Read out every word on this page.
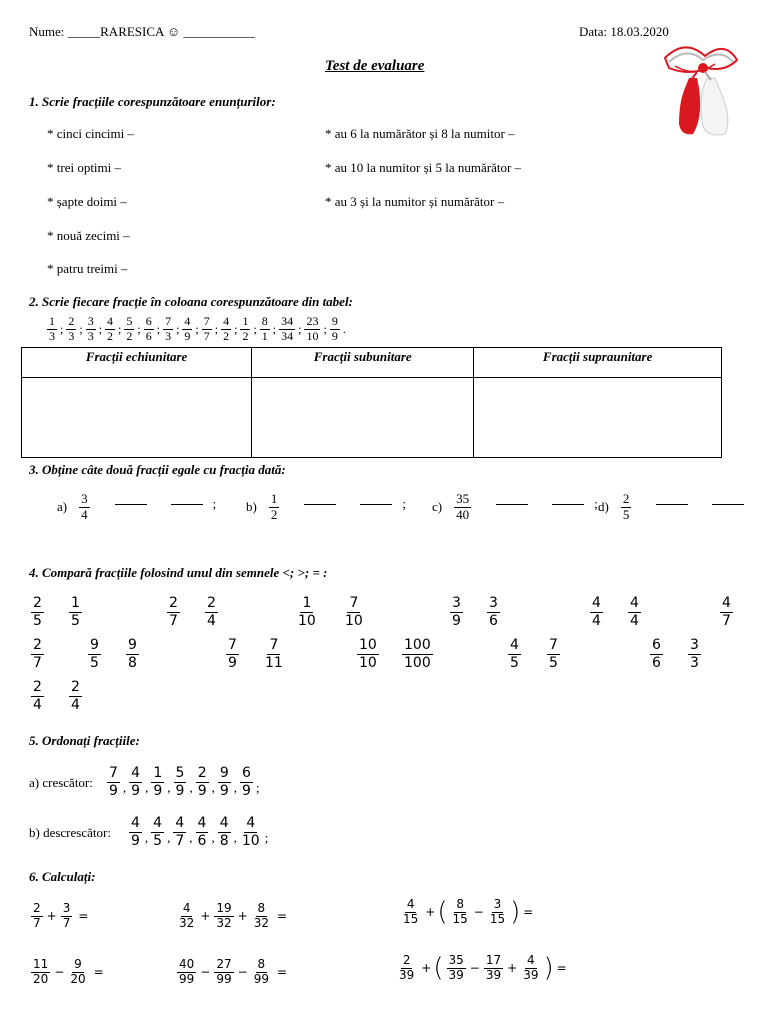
Nume: _____RARESICA ☺ ___________	Data: 18.03.2020
Test de evaluare
1. Scrie fracțiile corespunzătoare enunțurilor:
* cinci cincimi –
* trei optimi –
* șapte doimi –
* nouă zecimi –
* patru treimi –
* au 6 la numărător și 8 la numitor –
* au 10 la numitor și 5 la numărător –
* au 3 și la numitor și numărător –
2. Scrie fiecare fracție în coloana corespunzătoare din tabel:
$\frac{1}{3}$ ; $\frac{2}{3}$ ; $\frac{3}{3}$ ; $\frac{4}{2}$ ; $\frac{5}{2}$ ; $\frac{6}{6}$ ; $\frac{7}{3}$ ; $\frac{4}{9}$ ; $\frac{7}{7}$ ; $\frac{4}{2}$ ; $\frac{1}{2}$ ; $\frac{8}{1}$ ; $\frac{34}{34}$ ; $\frac{23}{10}$ ; $\frac{9}{9}$ .
Fracții echiunitare	Fracții subunitare	Fracții supraunitare

3. Obține câte două fracții egale cu fracția dată:
$a) \frac{3}{4}$	; $b) \frac{1}{2}$	; $c) \frac{35}{40}$	; $d) \frac{2}{5}$
4. Compară fracțiile folosind unul din semnele <; >; = :
$\frac{2}{5} \frac{1}{5}$	$\frac{2}{7} \frac{2}{4}$	$\frac{1}{10} \frac{7}{10}$	$\frac{3}{9} \frac{3}{6}$	$\frac{4}{4} \frac{4}{4}$	$\frac{4}{7}$
$\frac{2}{7}$	$\frac{9}{5} \frac{9}{8}$	$\frac{7}{9} \frac{7}{11}$	$\frac{10}{10} \frac{100}{100}$	$\frac{4}{5} \frac{7}{5}$	$\frac{6}{6} \frac{3}{3}$
$\frac{2}{4} \frac{2}{4}$
5. Ordonați fracțiile:
a) crescător: $\frac{7}{9}$ , $\frac{4}{9}$ , $\frac{1}{9}$ , $\frac{5}{9}$ , $\frac{2}{9}$ , $\frac{9}{9}$ , $\frac{6}{9}$ ;
b) descrescător: $\frac{4}{9}$ , $\frac{4}{5}$ , $\frac{4}{7}$ , $\frac{4}{6}$ , $\frac{4}{8}$ , $\frac{4}{10}$ ;
6. Calculați:
$\frac{2}{7} + \frac{3}{7}$ =	$\frac{4}{32} + \frac{19}{32} + \frac{8}{32}$ =	$\frac{4}{15}$ + ( $\frac{8}{15} - \frac{3}{15}$ ) =
$\frac{11}{20} - \frac{9}{20}$ =	$\frac{40}{99} - \frac{27}{99} - \frac{8}{99}$ =	$\frac{2}{39}$ + ( $\frac{35}{39} - \frac{17}{39} + \frac{4}{39}$ ) =
